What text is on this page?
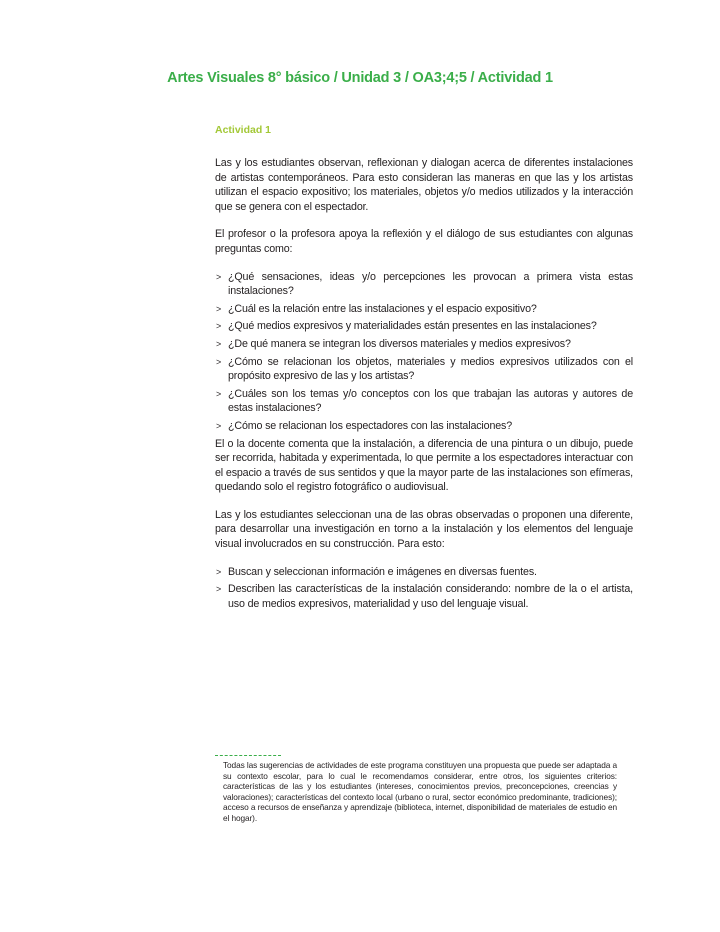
Artes Visuales 8° básico / Unidad 3 / OA3;4;5 / Actividad 1
Actividad 1

Las y los estudiantes observan, reflexionan y dialogan acerca de diferentes instalaciones de artistas contemporáneos. Para esto consideran las maneras en que las y los artistas utilizan el espacio expositivo; los materiales, objetos y/o medios utilizados y la interacción que se genera con el espectador.

El profesor o la profesora apoya la reflexión y el diálogo de sus estudiantes con algunas preguntas como:

> ¿Qué sensaciones, ideas y/o percepciones les provocan a primera vista estas instalaciones?
> ¿Cuál es la relación entre las instalaciones y el espacio expositivo?
> ¿Qué medios expresivos y materialidades están presentes en las instalaciones?
> ¿De qué manera se integran los diversos materiales y medios expresivos?
> ¿Cómo se relacionan los objetos, materiales y medios expresivos utilizados con el propósito expresivo de las y los artistas?
> ¿Cuáles son los temas y/o conceptos con los que trabajan las autoras y autores de estas instalaciones?
> ¿Cómo se relacionan los espectadores con las instalaciones?

El o la docente comenta que la instalación, a diferencia de una pintura o un dibujo, puede ser recorrida, habitada y experimentada, lo que permite a los espectadores interactuar con el espacio a través de sus sentidos y que la mayor parte de las instalaciones son efímeras, quedando solo el registro fotográfico o audiovisual.

Las y los estudiantes seleccionan una de las obras observadas o proponen una diferente, para desarrollar una investigación en torno a la instalación y los elementos del lenguaje visual involucrados en su construcción. Para esto:

> Buscan y seleccionan información e imágenes en diversas fuentes.
> Describen las características de la instalación considerando: nombre de la o el artista, uso de medios expresivos, materialidad y uso del lenguaje visual.

Todas las sugerencias de actividades de este programa constituyen una propuesta que puede ser adaptada a su contexto escolar, para lo cual le recomendamos considerar, entre otros, los siguientes criterios: características de las y los estudiantes (intereses, conocimientos previos, preconcepciones, creencias y valoraciones); características del contexto local (urbano o rural, sector económico predominante, tradiciones); acceso a recursos de enseñanza y aprendizaje (biblioteca, internet, disponibilidad de materiales de estudio en el hogar).
